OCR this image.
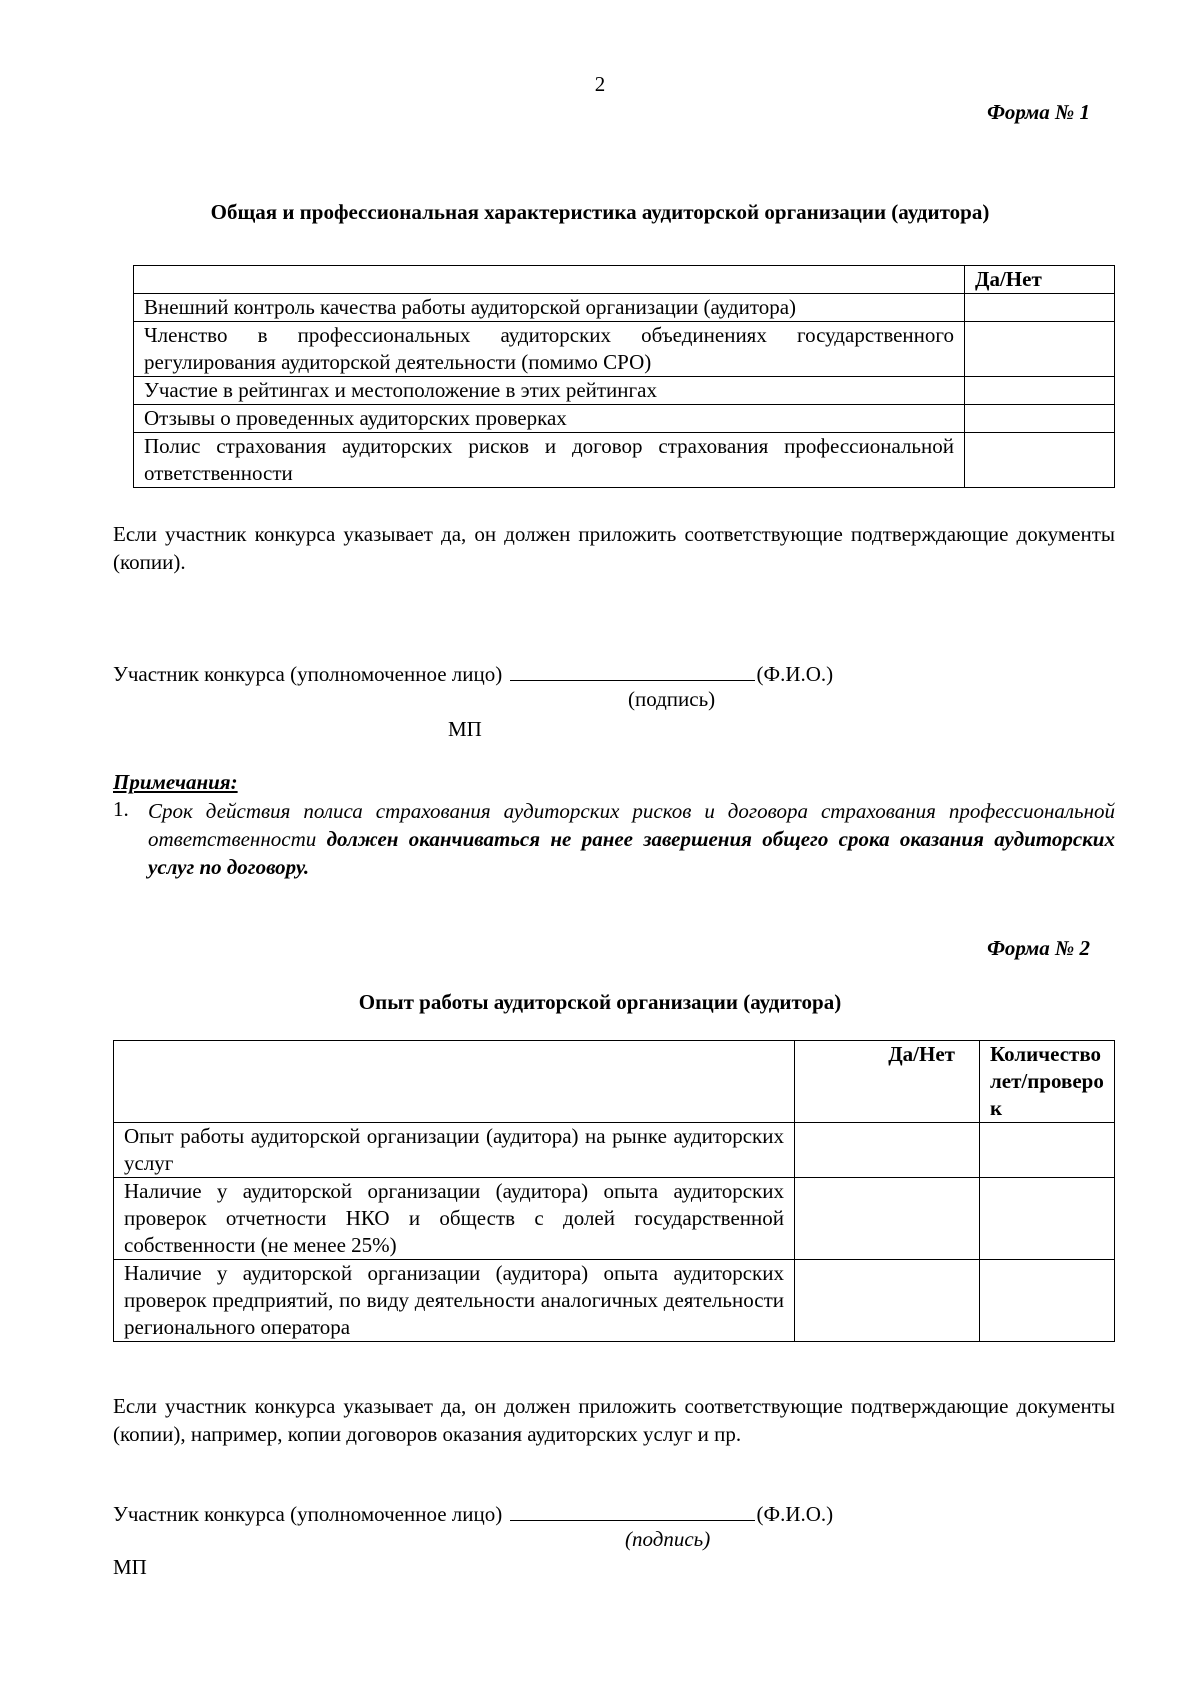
2
Форма № 1
Общая и профессиональная характеристика аудиторской организации (аудитора)
	Да/Нет
Внешний контроль качества работы аудиторской организации (аудитора)	
Членство в профессиональных аудиторских объединениях государственного регулирования аудиторской деятельности (помимо СРО)	
Участие в рейтингах и местоположение в этих рейтингах	
Отзывы о проведенных аудиторских проверках	
Полис страхования аудиторских рисков и договор страхования профессиональной ответственности	
Если участник конкурса указывает да, он должен приложить соответствующие подтверждающие документы (копии).
Участник конкурса (уполномоченное лицо)	(Ф.И.О.)
(подпись)
МП
Примечания:
1. Срок действия полиса страхования аудиторских рисков и договора страхования профессиональной ответственности должен оканчиваться не ранее завершения общего срока оказания аудиторских услуг по договору.
Форма № 2
Опыт работы аудиторской организации (аудитора)
	Да/Нет	Количество
лет/проверо
к

Опыт работы аудиторской организации (аудитора) на рынке аудиторских услуг		
Наличие у аудиторской организации (аудитора) опыта аудиторских проверок отчетности НКО и обществ с долей государственной собственности (не менее 25%)		
Наличие у аудиторской организации (аудитора) опыта аудиторских проверок предприятий, по виду деятельности аналогичных деятельности регионального оператора		
Если участник конкурса указывает да, он должен приложить соответствующие подтверждающие документы (копии), например, копии договоров оказания аудиторских услуг и пр.
Участник конкурса (уполномоченное лицо)	(Ф.И.О.)
(подпись)
МП
